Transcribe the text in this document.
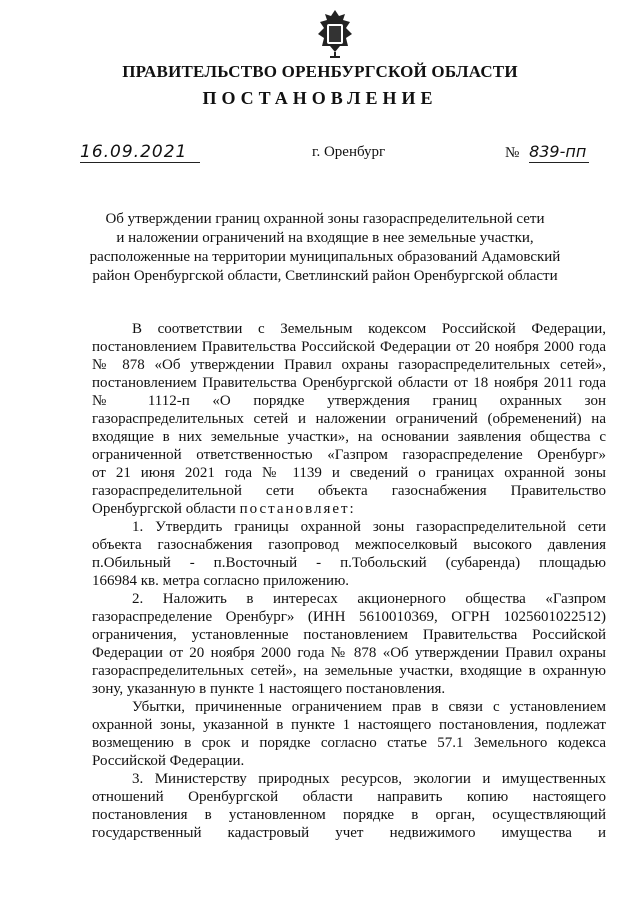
ПРАВИТЕЛЬСТВО ОРЕНБУРГСКОЙ ОБЛАСТИ
ПОСТАНОВЛЕНИЕ
16.09.2021	г. Оренбург	№ 839-пп

Об утверждении границ охранной зоны газораспределительной сети

и наложении ограничений на входящие в нее земельные участки,

расположенные на территории муниципальных образований Адамовский

район Оренбургской области, Светлинский район Оренбургской области

В соответствии с Земельным кодексом Российской Федерации,

постановлением Правительства Российской Федерации от 20 ноября 2000 года

№ 878 «Об утверждении Правил охраны газораспределительных сетей»,

постановлением Правительства Оренбургской области от 18 ноября 2011 года

№ 1112-п «О порядке утверждения границ охранных зон

газораспределительных сетей и наложении ограничений (обременений) на

входящие в них земельные участки», на основании заявления общества с

ограниченной ответственностью «Газпром газораспределение Оренбург»

от 21 июня 2021 года № 1139 и сведений о границах охранной зоны

газораспределительной сети объекта газоснабжения Правительство

Оренбургской области постановляет:

1. Утвердить границы охранной зоны газораспределительной сети

объекта газоснабжения газопровод межпоселковый высокого давления

п.Обильный - п.Восточный - п.Тобольский (субаренда) площадью

166984 кв. метра согласно приложению.

2. Наложить в интересах акционерного общества «Газпром

газораспределение Оренбург» (ИНН 5610010369, ОГРН 1025601022512)

ограничения, установленные постановлением Правительства Российской

Федерации от 20 ноября 2000 года № 878 «Об утверждении Правил охраны

газораспределительных сетей», на земельные участки, входящие в охранную

зону, указанную в пункте 1 настоящего постановления.

Убытки, причиненные ограничением прав в связи с установлением

охранной зоны, указанной в пункте 1 настоящего постановления, подлежат

возмещению в срок и порядке согласно статье 57.1 Земельного кодекса

Российской Федерации.

3. Министерству природных ресурсов, экологии и имущественных

отношений Оренбургской области направить копию настоящего

постановления в установленном порядке в орган, осуществляющий

государственный кадастровый учет недвижимого имущества и
